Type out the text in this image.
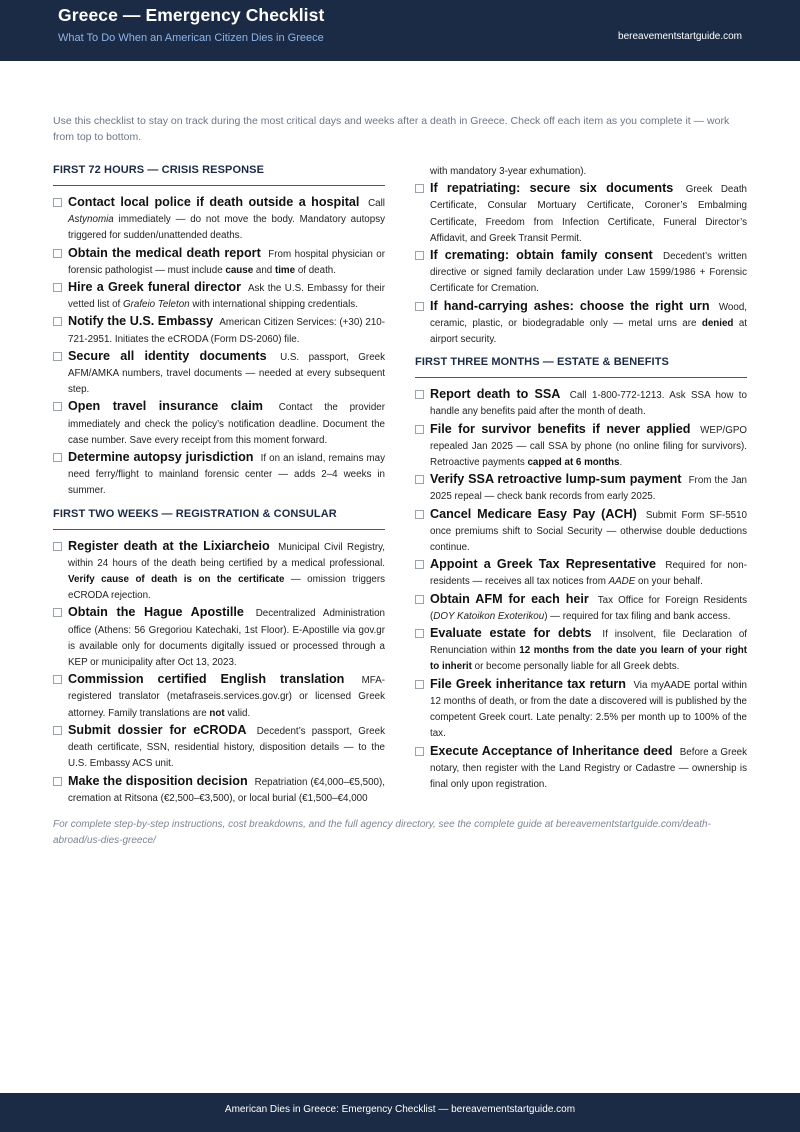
Greece — Emergency Checklist
What To Do When an American Citizen Dies in Greece	bereavementstartguide.com
Use this checklist to stay on track during the most critical days and weeks after a death in Greece. Check off each item as you complete it — work from top to bottom.
FIRST 72 HOURS — CRISIS RESPONSE
Contact local police if death outside a hospital Call Astynomia immediately — do not move the body. Mandatory autopsy triggered for sudden/unattended deaths.
Obtain the medical death report From hospital physician or forensic pathologist — must include cause and time of death.
Hire a Greek funeral director Ask the U.S. Embassy for their vetted list of Grafeio Teleton with international shipping credentials.
Notify the U.S. Embassy American Citizen Services: (+30) 210-721-2951. Initiates the eCRODA (Form DS-2060) file.
Secure all identity documents U.S. passport, Greek AFM/AMKA numbers, travel documents — needed at every subsequent step.
Open travel insurance claim Contact the provider immediately and check the policy’s notification deadline. Document the case number. Save every receipt from this moment forward.
Determine autopsy jurisdiction If on an island, remains may need ferry/flight to mainland forensic center — adds 2–4 weeks in summer.
FIRST TWO WEEKS — REGISTRATION & CONSULAR
Register death at the Lixiarcheio Municipal Civil Registry, within 24 hours of the death being certified by a medical professional. Verify cause of death is on the certificate — omission triggers eCRODA rejection.
Obtain the Hague Apostille Decentralized Administration office (Athens: 56 Gregoriou Katechaki, 1st Floor). E-Apostille via gov.gr is available only for documents digitally issued or processed through a KEP or municipality after Oct 13, 2023.
Commission certified English translation MFA-registered translator (metafraseis.services.gov.gr) or licensed Greek attorney. Family translations are not valid.
Submit dossier for eCRODA Decedent’s passport, Greek death certificate, SSN, residential history, disposition details — to the U.S. Embassy ACS unit.
Make the disposition decision Repatriation (€4,000–€5,500), cremation at Ritsona (€2,500–€3,500), or local burial (€1,500–€4,000
with mandatory 3-year exhumation).
If repatriating: secure six documents Greek Death Certificate, Consular Mortuary Certificate, Coroner’s Embalming Certificate, Freedom from Infection Certificate, Funeral Director’s Affidavit, and Greek Transit Permit.
If cremating: obtain family consent Decedent’s written directive or signed family declaration under Law 1599/1986 + Forensic Certificate for Cremation.
If hand-carrying ashes: choose the right urn Wood, ceramic, plastic, or biodegradable only — metal urns are denied at airport security.
FIRST THREE MONTHS — ESTATE & BENEFITS
Report death to SSA Call 1-800-772-1213. Ask SSA how to handle any benefits paid after the month of death.
File for survivor benefits if never applied WEP/GPO repealed Jan 2025 — call SSA by phone (no online filing for survivors). Retroactive payments capped at 6 months.
Verify SSA retroactive lump-sum payment From the Jan 2025 repeal — check bank records from early 2025.
Cancel Medicare Easy Pay (ACH) Submit Form SF-5510 once premiums shift to Social Security — otherwise double deductions continue.
Appoint a Greek Tax Representative Required for non-residents — receives all tax notices from AADE on your behalf.
Obtain AFM for each heir Tax Office for Foreign Residents (DOY Katoikon Exoterikou) — required for tax filing and bank access.
Evaluate estate for debts If insolvent, file Declaration of Renunciation within 12 months from the date you learn of your right to inherit or become personally liable for all Greek debts.
File Greek inheritance tax return Via myAADE portal within 12 months of death, or from the date a discovered will is published by the competent Greek court. Late penalty: 2.5% per month up to 100% of the tax.
Execute Acceptance of Inheritance deed Before a Greek notary, then register with the Land Registry or Cadastre — ownership is final only upon registration.
For complete step-by-step instructions, cost breakdowns, and the full agency directory, see the complete guide at bereavementstartguide.com/death-abroad/us-dies-greece/
American Dies in Greece: Emergency Checklist — bereavementstartguide.com
